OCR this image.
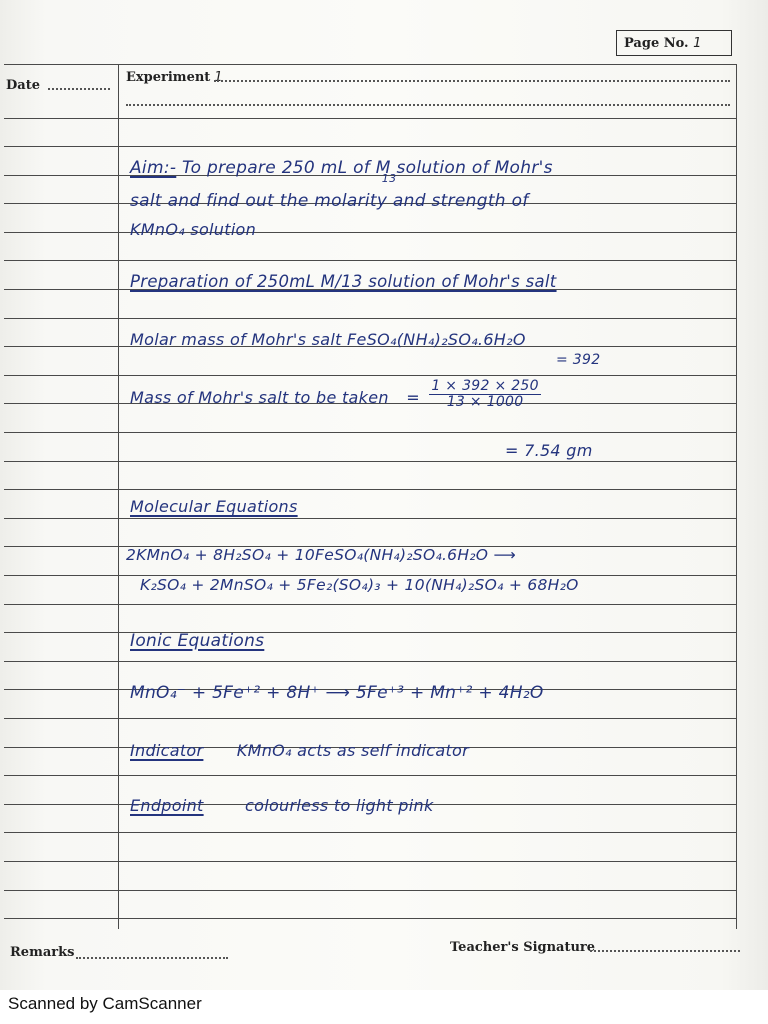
Page No. 1
Date
Experiment 1
Aim:- To prepare 250 mL of M
13
solution of Mohr's
salt and find out the molarity and strength of
KMnO₄ solution
Preparation of 250mL M/13 solution of Mohr's salt
Molar mass of Mohr's salt FeSO₄(NH₄)₂SO₄.6H₂O
= 392
Mass of Mohr's salt to be taken = $\frac{1 \times 392 \times 250}{13 \times 1000}$
= 7.54 gm
Molecular Equations
2KMnO₄ + 8H₂SO₄ + 10FeSO₄(NH₄)₂SO₄.6H₂O ⟶
K₂SO₄ + 2MnSO₄ + 5Fe₂(SO₄)₃ + 10(NH₄)₂SO₄ + 68H₂O
Ionic Equations
MnO₄⁻ + 5Fe⁺² + 8H⁺ ⟶ 5Fe⁺³ + Mn⁺² + 4H₂O
Indicator KMnO₄ acts as self indicator
Endpoint	colourless to light pink
Remarks	Teacher's Signature
Scanned by CamScanner
